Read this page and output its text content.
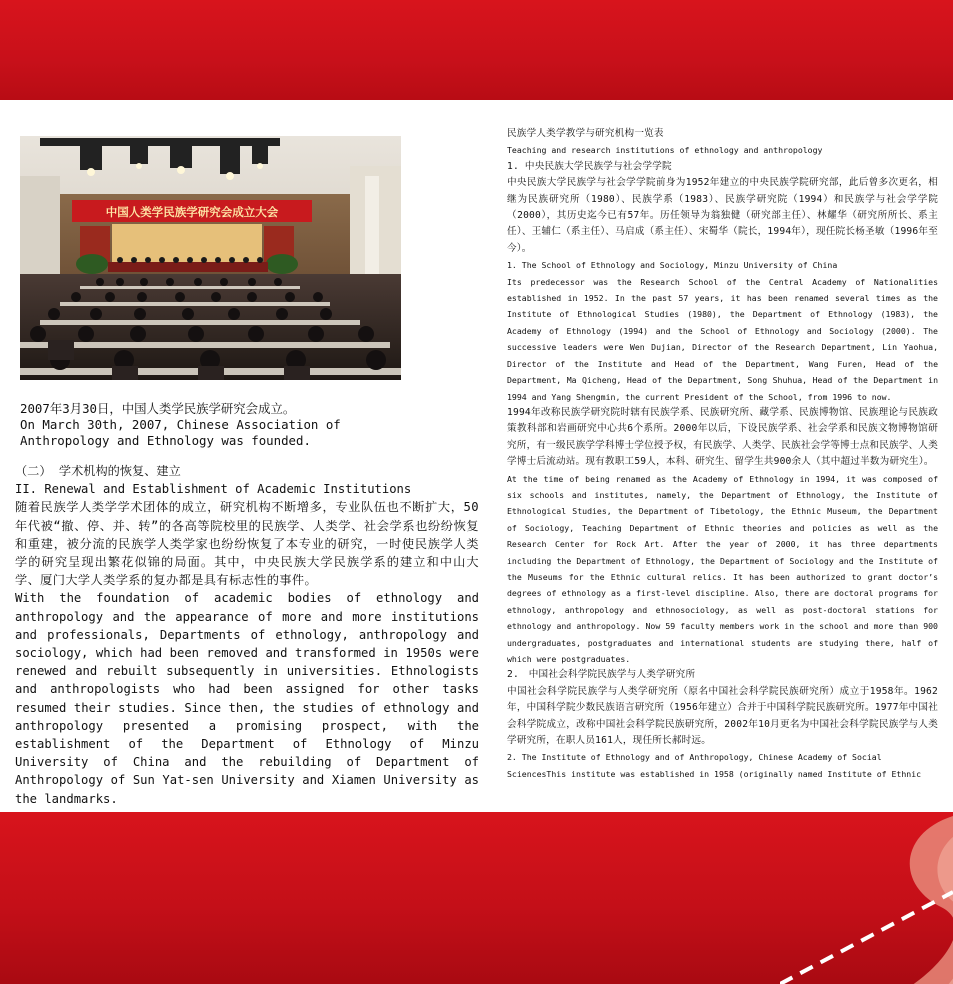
中国人类学民族学研究会成立大会
2007年3月30日，中国人类学民族学研究会成立。
On March 30th, 2007, Chinese Association of Anthropology and Ethnology was founded.

（二） 学术机构的恢复、建立

II. Renewal and Establishment of Academic Institutions

随着民族学人类学学术团体的成立，研究机构不断增多，专业队伍也不断扩大，50年代被“撤、停、并、转”的各高等院校里的民族学、人类学、社会学系也纷纷恢复和重建，被分流的民族学人类学家也纷纷恢复了本专业的研究，一时使民族学人类学的研究呈现出繁花似锦的局面。其中，中央民族大学民族学系的建立和中山大学、厦门大学人类学系的复办都是具有标志性的事件。

With the foundation of academic bodies of ethnology and anthropology and the appearance of more and more institutions and professionals, Departments of ethnology, anthropology and sociology, which had been removed and transformed in 1950s were renewed and rebuilt subsequently in universities. Ethnologists and anthropologists who had been assigned for other tasks resumed their studies. Since then, the studies of ethnology and anthropology presented a promising prospect, with the establishment of the Department of Ethnology of Minzu University of China and the rebuilding of Department of Anthropology of Sun Yat-sen University and Xiamen University as the landmarks.

民族学人类学教学与研究机构一览表

Teaching and research institutions of ethnology and anthropology

1. 中央民族大学民族学与社会学学院

中央民族大学民族学与社会学学院前身为1952年建立的中央民族学院研究部，此后曾多次更名，相继为民族研究所（1980）、民族学系（1983）、民族学研究院（1994）和民族学与社会学学院（2000），其历史迄今已有57年。历任领导为翁独健（研究部主任）、林耀华（研究所所长、系主任）、王辅仁（系主任）、马启成（系主任）、宋蜀华（院长，1994年），现任院长杨圣敏（1996年至今）。

1. The School of Ethnology and Sociology, Minzu University of China

Its predecessor was the Research School of the Central Academy of Nationalities established in 1952. In the past 57 years, it has been renamed several times as the Institute of Ethnological Studies (1980), the Department of Ethnology (1983), the Academy of Ethnology (1994) and the School of Ethnology and Sociology (2000). The successive leaders were Wen Dujian, Director of the Research Department, Lin Yaohua, Director of the Institute and Head of the Department, Wang Furen, Head of the Department, Ma Qicheng, Head of the Department, Song Shuhua, Head of the Department in 1994 and Yang Shengmin, the current President of the School, from 1996 to now.

1994年改称民族学研究院时辖有民族学系、民族研究所、藏学系、民族博物馆、民族理论与民族政策教科部和岩画研究中心共6个系所。2000年以后，下设民族学系、社会学系和民族文物博物馆研究所，有一级民族学学科博士学位授予权，有民族学、人类学、民族社会学等博士点和民族学、人类学博士后流动站。现有教职工59人，本科、研究生、留学生共900余人（其中超过半数为研究生）。

At the time of being renamed as the Academy of Ethnology in 1994, it was composed of six schools and institutes, namely, the Department of Ethnology, the Institute of Ethnological Studies, the Department of Tibetology, the Ethnic Museum, the Department of Sociology, Teaching Department of Ethnic theories and policies as well as the Research Center for Rock Art. After the year of 2000, it has three departments including the Department of Ethnology, the Department of Sociology and the Institute of the Museums for the Ethnic cultural relics. It has been authorized to grant doctor’s degrees of ethnology as a first-level discipline. Also, there are doctoral programs for ethnology, anthropology and ethnosociology, as well as post-doctoral stations for ethnology and anthropology. Now 59 faculty members work in the school and more than 900 undergraduates, postgraduates and international students are studying there, half of which were postgraduates.

2.　中国社会科学院民族学与人类学研究所

中国社会科学院民族学与人类学研究所（原名中国社会科学院民族研究所）成立于1958年。1962年，中国科学院少数民族语言研究所（1956年建立）合并于中国科学院民族研究所。1977年中国社会科学院成立，改称中国社会科学院民族研究所，2002年10月更名为中国社会科学院民族学与人类学研究所，在职人员161人，现任所长郝时远。

2. The Institute of Ethnology and of Anthropology, Chinese Academy of Social

SciencesThis institute was established in 1958 (originally named Institute of Ethnic
